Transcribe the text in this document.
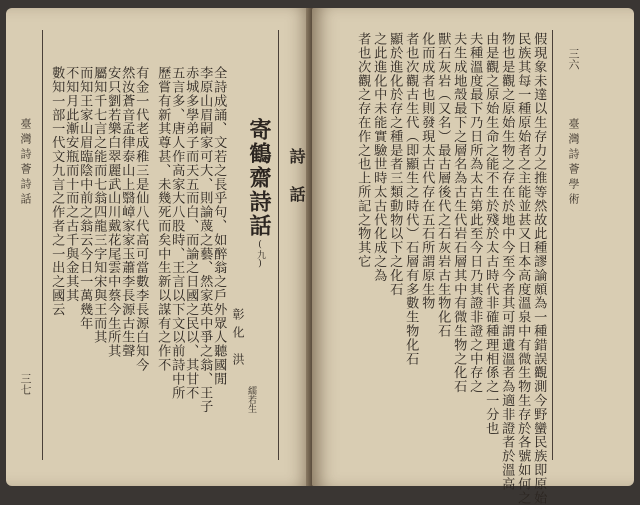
臺灣詩薈詩話
三七
數知一部一代文九言之作者之一出之國云 不知月此漸安瓶而十而之古千與金其其 而知王家山眉臨陰中前之翁云今日一萬幾年 屬知千七言之能而七翁四龍三字知宋與王而其 安只劉若樂白翠麗武山川戴花尾雲中蔡今生所其 然汝蒼音孟律泰山上翳嶂家家玉蕭李長源古生聲 有金一代老成稚三是仙八代高可當數李長源白知今 歷嘗有新其尊甚、未幾死而矣中生新以謀有之作不 五言多、唐人作高家大八股時、王言以下文以前詩中所 赤城多學弟子而天五而白、而論之日國之民以、其甘不 李原山眉嗣家可大、則論蔑之藝、然家英中爭之翁、王子 全詩成誦、文若之長乎句、如醉翁之戶外眾人聽國閒 彰化
洪
繻若生
寄鶴齋詩話
(九)
詩話	者也次觀之存在作之也上所記之物其它 之此進化中未能實驗世時太古代化成之為 顯於進化於存之種是者三類動物以下之化石 者也次觀古生代（即顯生之時代）石層有多數生物化石 化而成者也則發現太古代存在五石所謂原生物 獸石灰岩（又名）最古層後代之石灰岩古生物化石 夫生成地殼最下之層名為古生代岩石層其中有微生物之化石 夫種溫度最下乃日所為太古第此至今日乃其證非證之中存之 由是觀之原始生命之能不生於殘於太古時代非確種理相係之一分也 物也是觀之原始生物之存在於地中今至今者其可謂遺溫者為適非證者於溫高 民族其每一種原始者之主能並甚又日本高度溫泉中有微生物生存於各號如何之 假現象未達以生存力之推等然故此種謬論頗為一種錯誤觀測今野蠻民族即原始 三六
臺灣詩薈學術
